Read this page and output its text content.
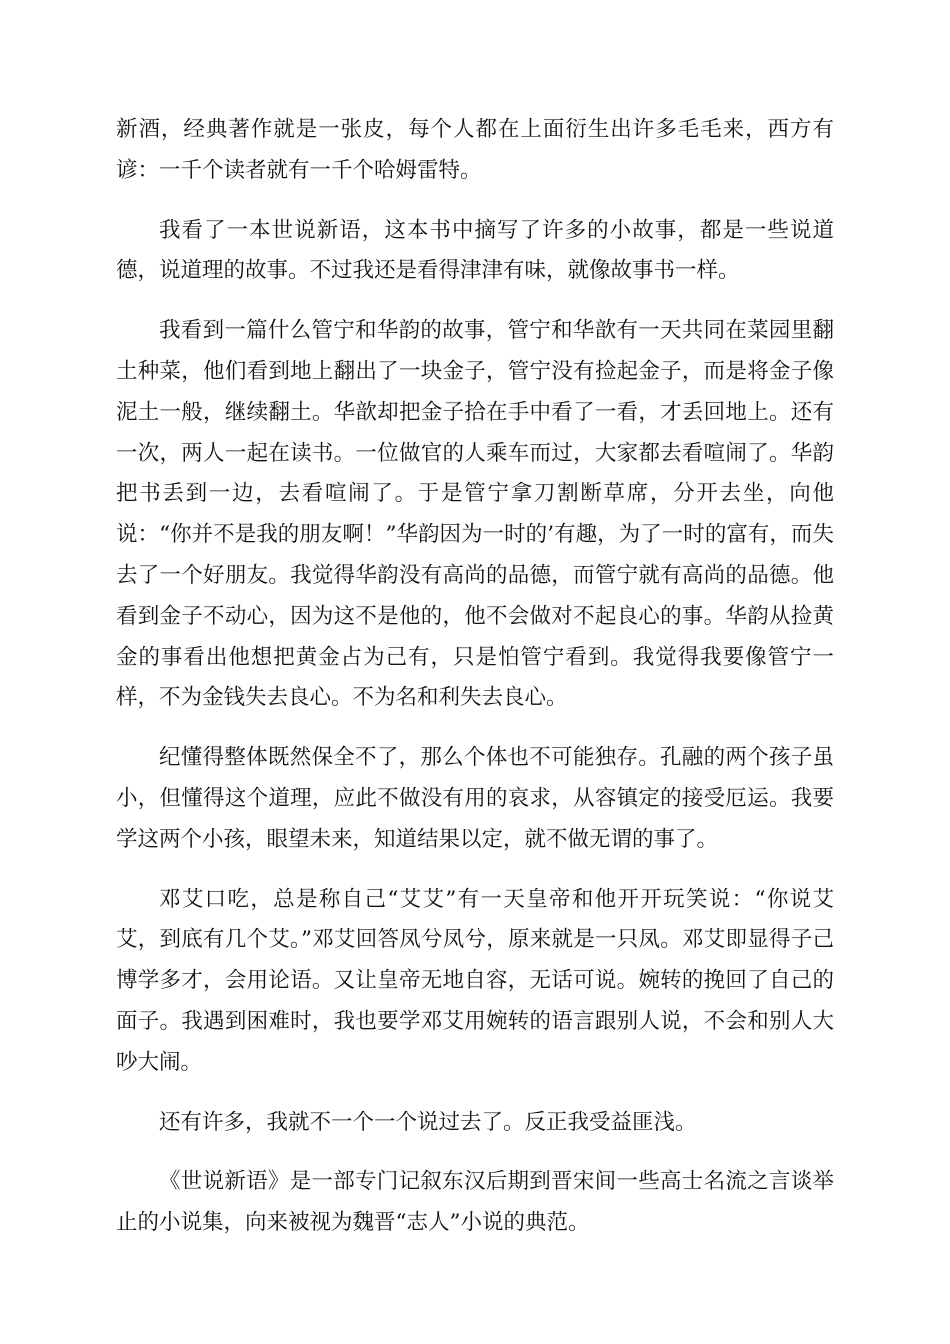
新酒，经典著作就是一张皮，每个人都在上面衍生出许多毛毛来，西方有谚：一千个读者就有一千个哈姆雷特。

我看了一本世说新语，这本书中摘写了许多的小故事，都是一些说道德，说道理的故事。不过我还是看得津津有味，就像故事书一样。

我看到一篇什么管宁和华韵的故事，管宁和华歆有一天共同在菜园里翻土种菜，他们看到地上翻出了一块金子，管宁没有捡起金子，而是将金子像泥土一般，继续翻土。华歆却把金子拾在手中看了一看，才丢回地上。还有一次，两人一起在读书。一位做官的人乘车而过，大家都去看喧闹了。华韵把书丢到一边，去看喧闹了。于是管宁拿刀割断草席，分开去坐，向他说：“你并不是我的朋友啊！”华韵因为一时的’有趣，为了一时的富有，而失去了一个好朋友。我觉得华韵没有高尚的品德，而管宁就有高尚的品德。他看到金子不动心，因为这不是他的，他不会做对不起良心的事。华韵从捡黄金的事看出他想把黄金占为己有，只是怕管宁看到。我觉得我要像管宁一样，不为金钱失去良心。不为名和利失去良心。

纪懂得整体既然保全不了，那么个体也不可能独存。孔融的两个孩子虽小，但懂得这个道理，应此不做没有用的哀求，从容镇定的接受厄运。我要学这两个小孩，眼望未来，知道结果以定，就不做无谓的事了。

邓艾口吃，总是称自己“艾艾”有一天皇帝和他开开玩笑说：“你说艾艾，到底有几个艾。”邓艾回答凤兮凤兮，原来就是一只凤。邓艾即显得子己博学多才，会用论语。又让皇帝无地自容，无话可说。婉转的挽回了自己的面子。我遇到困难时，我也要学邓艾用婉转的语言跟别人说，不会和别人大吵大闹。

还有许多，我就不一个一个说过去了。反正我受益匪浅。

《世说新语》是一部专门记叙东汉后期到晋宋间一些高士名流之言谈举止的小说集，向来被视为魏晋“志人”小说的典范。
